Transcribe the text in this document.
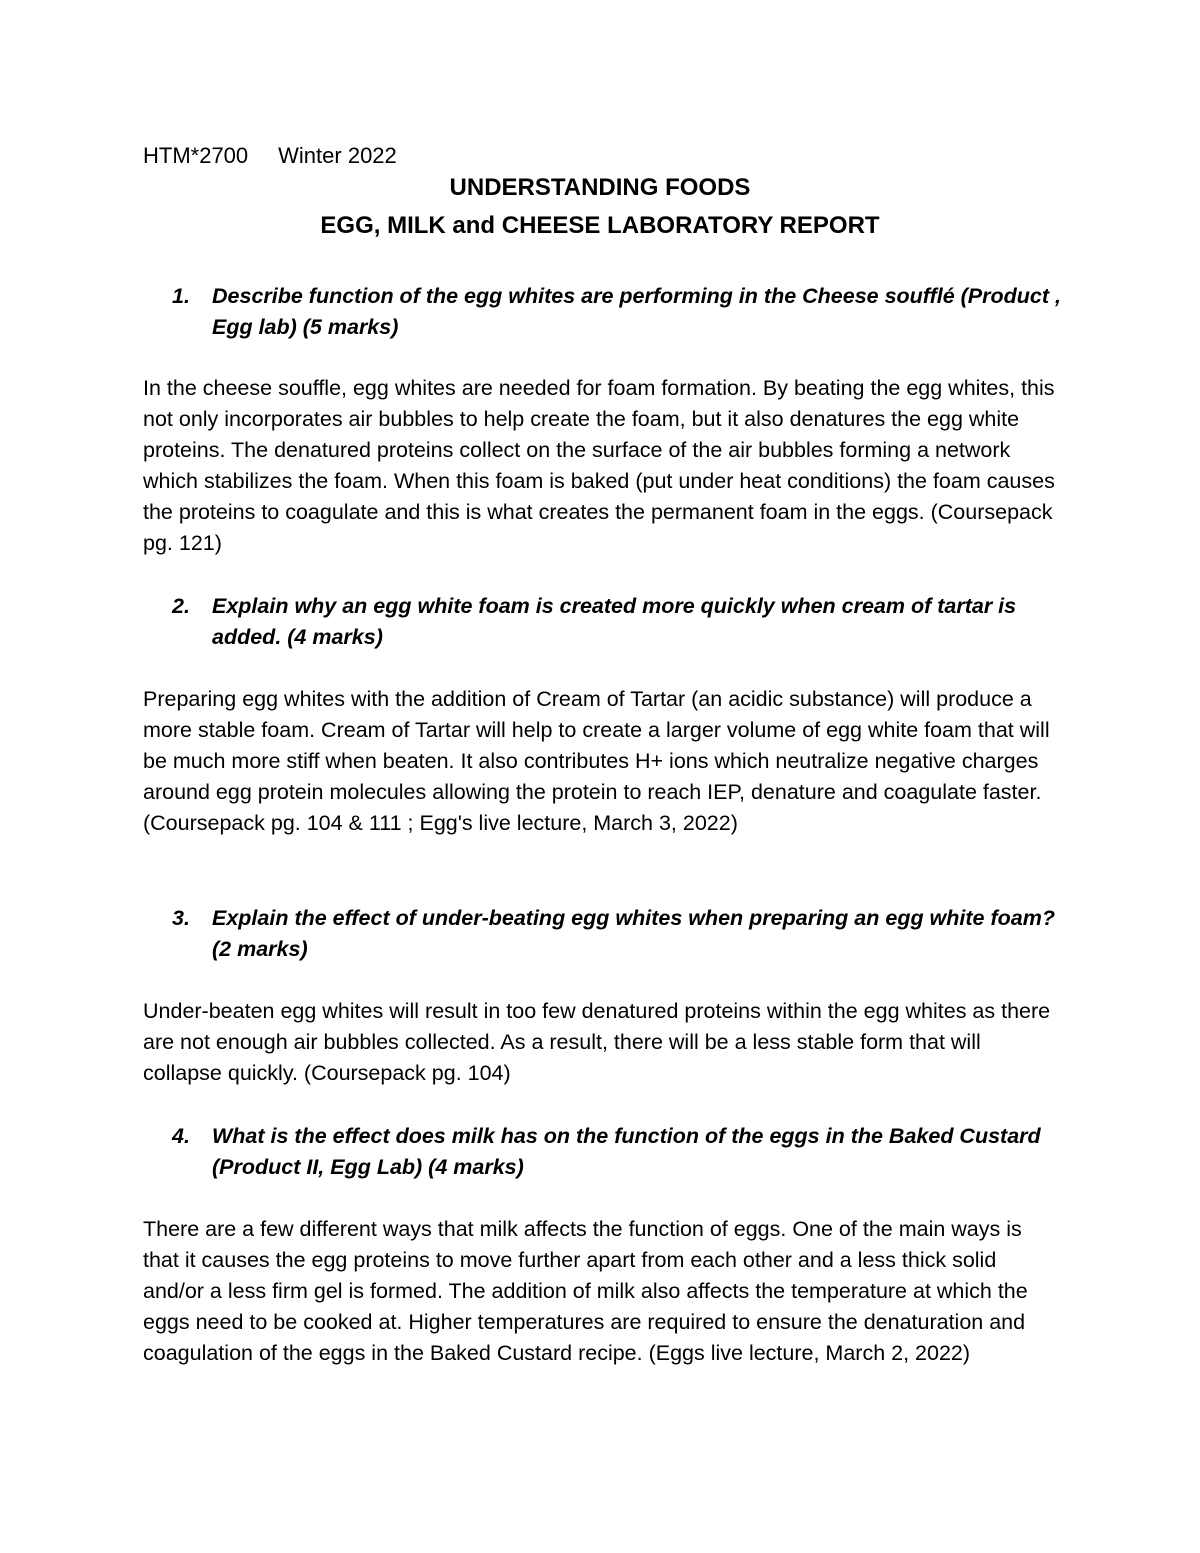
HTM*2700 Winter 2022
UNDERSTANDING FOODS
EGG, MILK and CHEESE LABORATORY REPORT
1. Describe function of the egg whites are performing in the Cheese soufflé (Product , Egg lab) (5 marks)
In the cheese souffle, egg whites are needed for foam formation. By beating the egg whites, this not only incorporates air bubbles to help create the foam, but it also denatures the egg white proteins. The denatured proteins collect on the surface of the air bubbles forming a network which stabilizes the foam. When this foam is baked (put under heat conditions) the foam causes the proteins to coagulate and this is what creates the permanent foam in the eggs. (Coursepack pg. 121)
2. Explain why an egg white foam is created more quickly when cream of tartar is added. (4 marks)
Preparing egg whites with the addition of Cream of Tartar (an acidic substance) will produce a more stable foam. Cream of Tartar will help to create a larger volume of egg white foam that will be much more stiff when beaten. It also contributes H+ ions which neutralize negative charges around egg protein molecules allowing the protein to reach IEP, denature and coagulate faster. (Coursepack pg. 104 & 111 ; Egg's live lecture, March 3, 2022)
3. Explain the effect of under-beating egg whites when preparing an egg white foam? (2 marks)
Under-beaten egg whites will result in too few denatured proteins within the egg whites as there are not enough air bubbles collected. As a result, there will be a less stable form that will collapse quickly. (Coursepack pg. 104)
4. What is the effect does milk has on the function of the eggs in the Baked Custard (Product II, Egg Lab) (4 marks)
There are a few different ways that milk affects the function of eggs. One of the main ways is that it causes the egg proteins to move further apart from each other and a less thick solid and/or a less firm gel is formed. The addition of milk also affects the temperature at which the eggs need to be cooked at. Higher temperatures are required to ensure the denaturation and coagulation of the eggs in the Baked Custard recipe. (Eggs live lecture, March 2, 2022)
